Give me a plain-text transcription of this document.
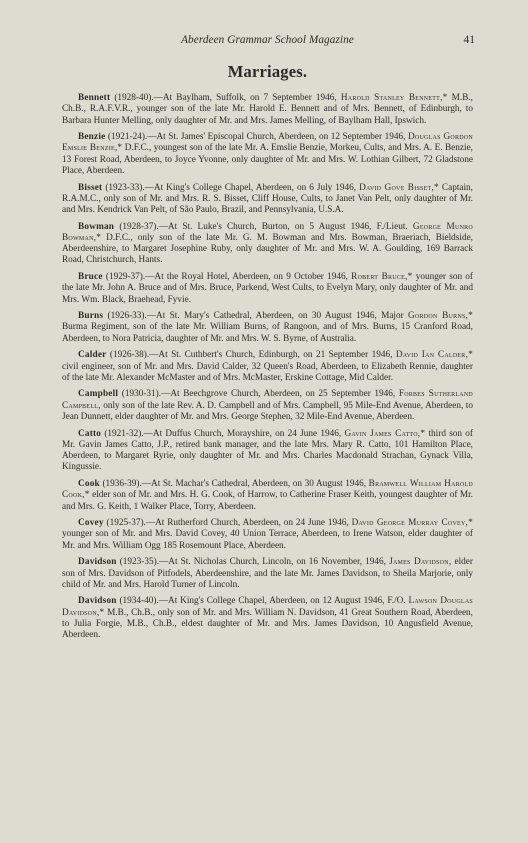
Aberdeen Grammar School Magazine	41
Marriages.

Bennett (1928-40).—At Baylham, Suffolk, on 7 September 1946, Harold Stanley Bennett,* M.B., Ch.B., R.A.F.V.R., younger son of the late Mr. Harold E. Bennett and of Mrs. Bennett, of Edinburgh, to Barbara Hunter Melling, only daughter of Mr. and Mrs. James Melling, of Baylham Hall, Ipswich.

Benzie (1921-24).—At St. James' Episcopal Church, Aberdeen, on 12 September 1946, Douglas Gordon Emslie Benzie,* D.F.C., youngest son of the late Mr. A. Emslie Benzie, Morkeu, Cults, and Mrs. A. E. Benzie, 13 Forest Road, Aberdeen, to Joyce Yvonne, only daughter of Mr. and Mrs. W. Lothian Gilbert, 72 Gladstone Place, Aberdeen.

Bisset (1923-33).—At King's College Chapel, Aberdeen, on 6 July 1946, David Gove Bisset,* Captain, R.A.M.C., only son of Mr. and Mrs. R. S. Bisset, Cliff House, Cults, to Janet Van Pelt, only daughter of Mr. and Mrs. Kendrick Van Pelt, of São Paulo, Brazil, and Pennsylvania, U.S.A.

Bowman (1928-37).—At St. Luke's Church, Burton, on 5 August 1946, F./Lieut. George Munro Bowman,* D.F.C., only son of the late Mr. G. M. Bowman and Mrs. Bowman, Braeriach, Bieldside, Aberdeenshire, to Margaret Josephine Ruby, only daughter of Mr. and Mrs. W. A. Goulding, 169 Barrack Road, Christchurch, Hants.

Bruce (1929-37).—At the Royal Hotel, Aberdeen, on 9 October 1946, Robert Bruce,* younger son of the late Mr. John A. Bruce and of Mrs. Bruce, Parkend, West Cults, to Evelyn Mary, only daughter of Mr. and Mrs. Wm. Black, Braehead, Fyvie.

Burns (1926-33).—At St. Mary's Cathedral, Aberdeen, on 30 August 1946, Major Gordon Burns,* Burma Regiment, son of the late Mr. William Burns, of Rangoon, and of Mrs. Burns, 15 Cranford Road, Aberdeen, to Nora Patricia, daughter of Mr. and Mrs. W. S. Byrne, of Australia.

Calder (1926-38).—At St. Cuthbert's Church, Edinburgh, on 21 September 1946, David Ian Calder,* civil engineer, son of Mr. and Mrs. David Calder, 32 Queen's Road, Aberdeen, to Elizabeth Rennie, daughter of the late Mr. Alexander McMaster and of Mrs. McMaster, Erskine Cottage, Mid Calder.

Campbell (1930-31).—At Beechgrove Church, Aberdeen, on 25 September 1946, Forbes Sutherland Campbell, only son of the late Rev. A. D. Campbell and of Mrs. Campbell, 95 Mile-End Avenue, Aberdeen, to Jean Dunnett, elder daughter of Mr. and Mrs. George Stephen, 32 Mile-End Avenue, Aberdeen.

Catto (1921-32).—At Duffus Church, Morayshire, on 24 June 1946, Gavin James Catto,* third son of Mr. Gavin James Catto, J.P., retired bank manager, and the late Mrs. Mary R. Catto, 101 Hamilton Place, Aberdeen, to Margaret Ryrie, only daughter of Mr. and Mrs. Charles Macdonald Strachan, Gynack Villa, Kingussie.

Cook (1936-39).—At St. Machar's Cathedral, Aberdeen, on 30 August 1946, Bramwell William Harold Cook,* elder son of Mr. and Mrs. H. G. Cook, of Harrow, to Catherine Fraser Keith, youngest daughter of Mr. and Mrs. G. Keith, 1 Walker Place, Torry, Aberdeen.

Covey (1925-37).—At Rutherford Church, Aberdeen, on 24 June 1946, David George Murray Covey,* younger son of Mr. and Mrs. David Covey, 40 Union Terrace, Aberdeen, to Irene Watson, elder daughter of Mr. and Mrs. William Ogg 185 Rosemount Place, Aberdeen.

Davidson (1923-35).—At St. Nicholas Church, Lincoln, on 16 November, 1946, James Davidson, elder son of Mrs. Davidson of Pitfodels, Aberdeenshire, and the late Mr. James Davidson, to Sheila Marjorie, only child of Mr. and Mrs. Harold Turner of Lincoln.

Davidson (1934-40).—At King's College Chapel, Aberdeen, on 12 August 1946, F./O. Lawson Douglas Davidson,* M.B., Ch.B., only son of Mr. and Mrs. William N. Davidson, 41 Great Southern Road, Aberdeen, to Julia Forgie, M.B., Ch.B., eldest daughter of Mr. and Mrs. James Davidson, 10 Angusfield Avenue, Aberdeen.
